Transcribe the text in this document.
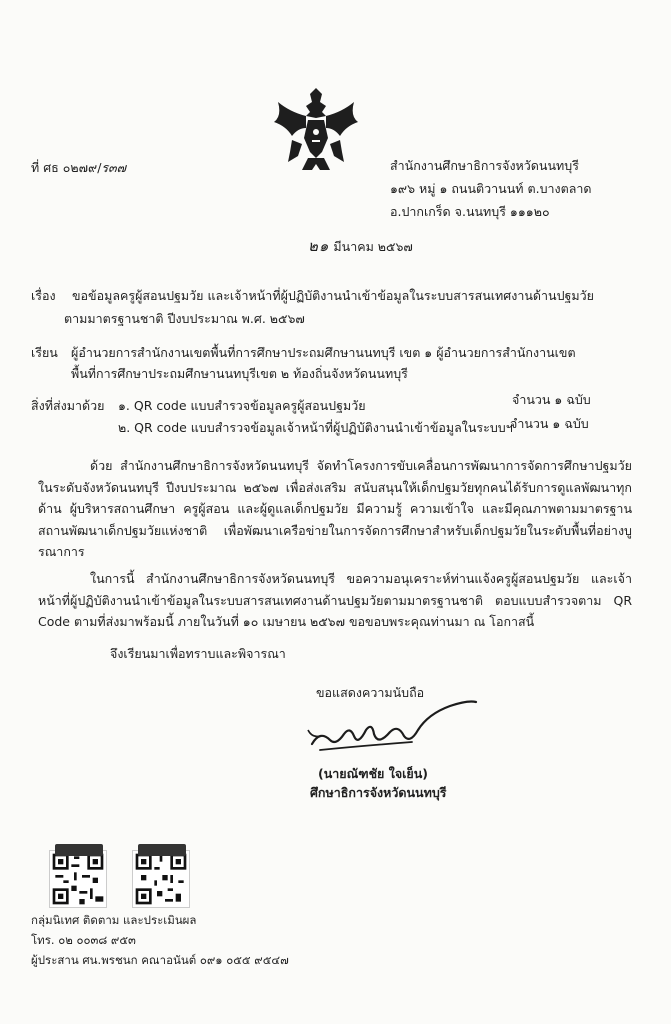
ที่ ศธ ๐๒๗๙/ร๓๗	สำนักงานศึกษาธิการจังหวัดนนทบุรี
๑๙๖ หมู่ ๑ ถนนติวานนท์ ต.บางตลาด
อ.ปากเกร็ด จ.นนทบุรี ๑๑๑๒๐
๒๑ มีนาคม ๒๕๖๗
เรื่อง ขอข้อมูลครูผู้สอนปฐมวัย และเจ้าหน้าที่ผู้ปฏิบัติงานนำเข้าข้อมูลในระบบสารสนเทศงานด้านปฐมวัย
ตามมาตรฐานชาติ ปีงบประมาณ พ.ศ. ๒๕๖๗
เรียน ผู้อำนวยการสำนักงานเขตพื้นที่การศึกษาประถมศึกษานนทบุรี เขต ๑ ผู้อำนวยการสำนักงานเขต
พื้นที่การศึกษาประถมศึกษานนทบุรีเขต ๒ ท้องถิ่นจังหวัดนนทบุรี
สิ่งที่ส่งมาด้วย ๑. QR code แบบสำรวจข้อมูลครูผู้สอนปฐมวัย	จำนวน ๑ ฉบับ
๒. QR code แบบสำรวจข้อมูลเจ้าหน้าที่ผู้ปฏิบัติงานนำเข้าข้อมูลในระบบฯ
จำนวน ๑ ฉบับ

ด้วย สำนักงานศึกษาธิการจังหวัดนนทบุรี จัดทำโครงการขับเคลื่อนการพัฒนาการจัดการศึกษาปฐมวัยในระดับจังหวัดนนทบุรี ปีงบประมาณ ๒๕๖๗ เพื่อส่งเสริม สนับสนุนให้เด็กปฐมวัยทุกคนได้รับการดูแลพัฒนาทุกด้าน ผู้บริหารสถานศึกษา ครูผู้สอน และผู้ดูแลเด็กปฐมวัย มีความรู้ ความเข้าใจ และมีคุณภาพตามมาตรฐานสถานพัฒนาเด็กปฐมวัยแห่งชาติ เพื่อพัฒนาเครือข่ายในการจัดการศึกษาสำหรับเด็กปฐมวัยในระดับพื้นที่อย่างบูรณาการ

ในการนี้ สำนักงานศึกษาธิการจังหวัดนนทบุรี ขอความอนุเคราะห์ท่านแจ้งครูผู้สอนปฐมวัย และเจ้าหน้าที่ผู้ปฏิบัติงานนำเข้าข้อมูลในระบบสารสนเทศงานด้านปฐมวัยตามมาตรฐานชาติ ตอบแบบสำรวจตาม QR Code ตามที่ส่งมาพร้อมนี้ ภายในวันที่ ๑๐ เมษายน ๒๕๖๗ ขอขอบพระคุณท่านมา ณ โอกาสนี้

จึงเรียนมาเพื่อทราบและพิจารณา
ขอแสดงความนับถือ
(นายณัฑชัย ใจเย็น)
ศึกษาธิการจังหวัดนนทบุรี
กลุ่มนิเทศ ติดตาม และประเมินผล
โทร. ๐๒ ๐๐๓๘ ๙๕๓
ผู้ประสาน ศน.พรชนก คณาอนันต์ ๐๙๑ ๐๕๕ ๙๕๔๗
